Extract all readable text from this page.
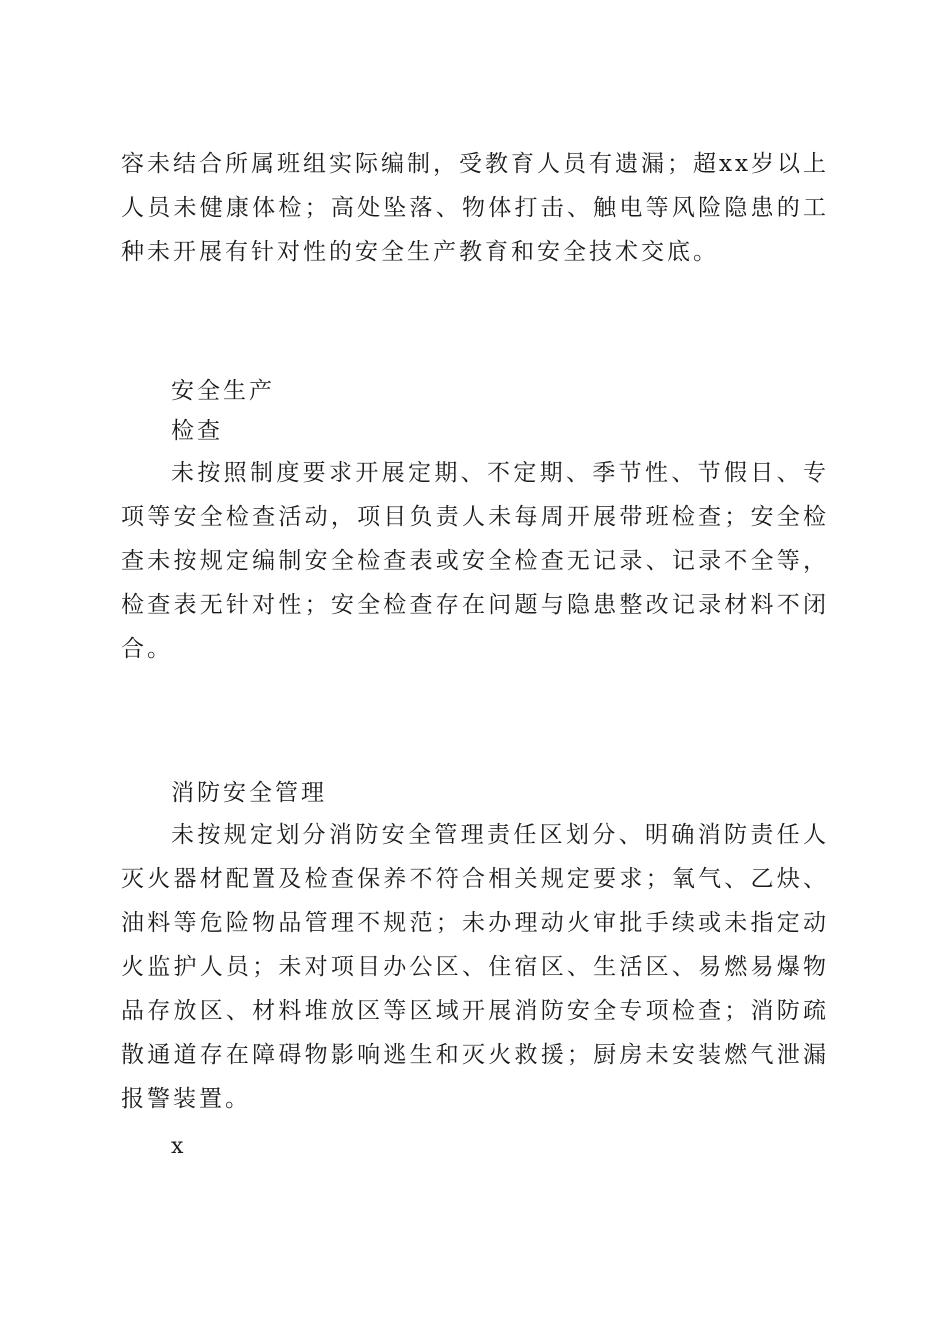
容未结合所属班组实际编制，受教育人员有遗漏；超xx岁以上人员未健康体检；高处坠落、物体打击、触电等风险隐患的工种未开展有针对性的安全生产教育和安全技术交底。

安全生产

检查

未按照制度要求开展定期、不定期、季节性、节假日、专项等安全检查活动，项目负责人未每周开展带班检查；安全检查未按规定编制安全检查表或安全检查无记录、记录不全等，检查表无针对性；安全检查存在问题与隐患整改记录材料不闭合。

消防安全管理

未按规定划分消防安全管理责任区划分、明确消防责任人灭火器材配置及检查保养不符合相关规定要求；氧气、乙炔、油料等危险物品管理不规范；未办理动火审批手续或未指定动火监护人员；未对项目办公区、住宿区、生活区、易燃易爆物品存放区、材料堆放区等区域开展消防安全专项检查；消防疏散通道存在障碍物影响逃生和灭火救援；厨房未安装燃气泄漏报警装置。

x
